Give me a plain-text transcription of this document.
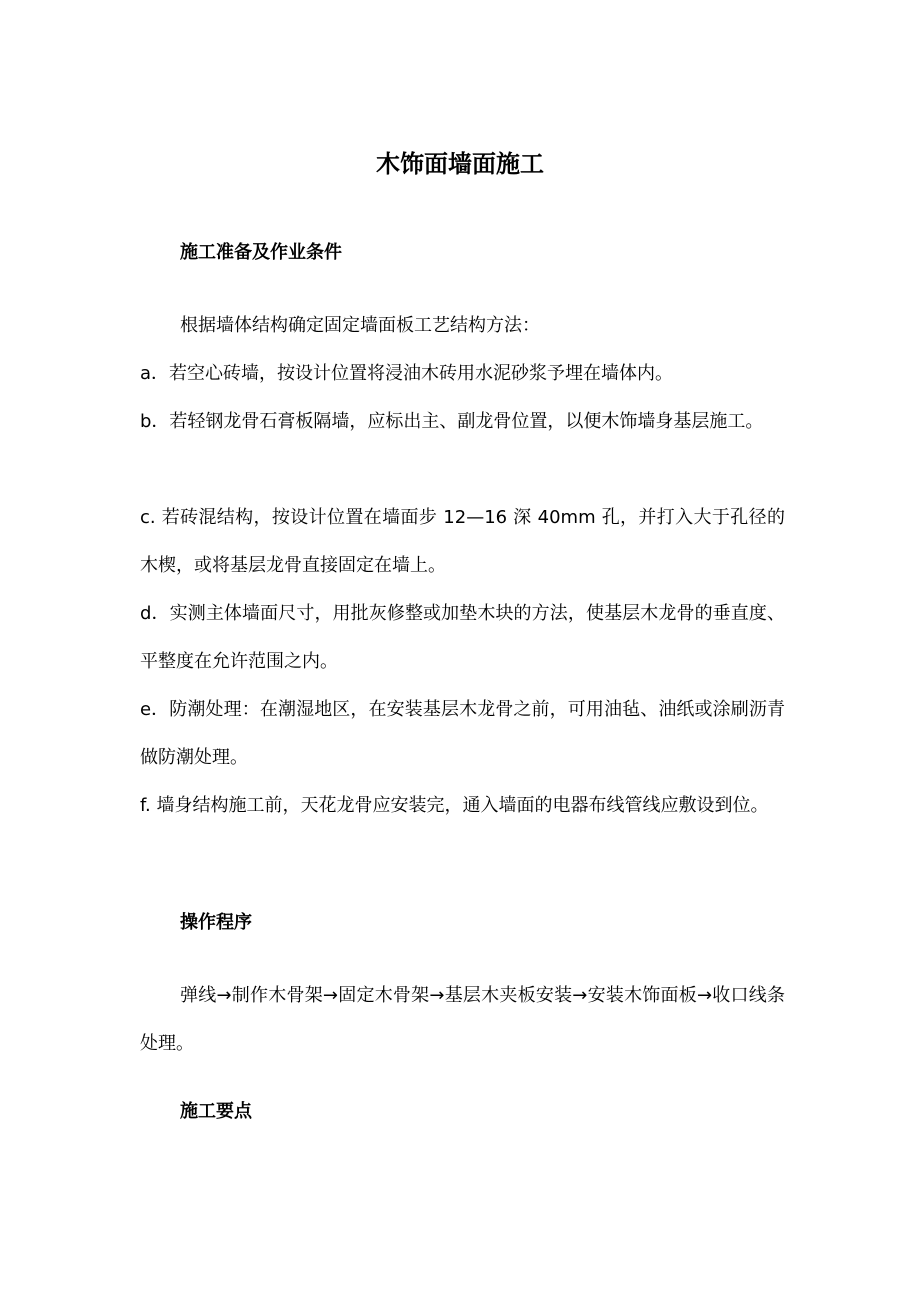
木饰面墙面施工
施工准备及作业条件

根据墙体结构确定固定墙面板工艺结构方法：

a．若空心砖墙，按设计位置将浸油木砖用水泥砂浆予埋在墙体内。

b．若轻钢龙骨石膏板隔墙，应标出主、副龙骨位置，以便木饰墙身基层施工。

c. 若砖混结构，按设计位置在墙面步 12—16 深 40mm 孔，并打入大于孔径的木楔，或将基层龙骨直接固定在墙上。

d．实测主体墙面尺寸，用批灰修整或加垫木块的方法，使基层木龙骨的垂直度、平整度在允许范围之内。

e．防潮处理：在潮湿地区，在安装基层木龙骨之前，可用油毡、油纸或涂刷沥青做防潮处理。

f. 墙身结构施工前，天花龙骨应安装完，通入墙面的电器布线管线应敷设到位。

操作程序

弹线→制作木骨架→固定木骨架→基层木夹板安装→安装木饰面板→收口线条处理。

施工要点
